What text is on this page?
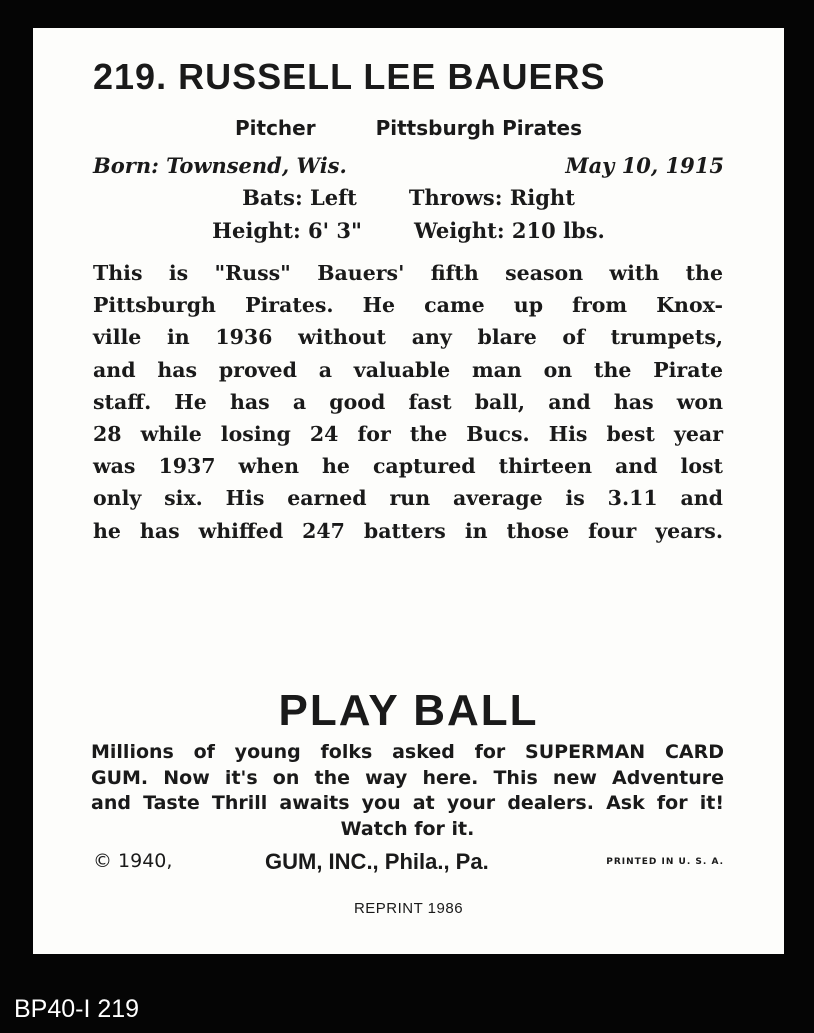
219. RUSSELL LEE BAUERS
Pitcher	Pittsburgh Pirates
Born: Townsend, Wis.	May 10, 1915
Bats: Left Throws: Right
Height: 6' 3" Weight: 210 lbs.
This is "Russ" Bauers' fifth season with the
Pittsburgh Pirates. He came up from Knox-
ville in 1936 without any blare of trumpets,
and has proved a valuable man on the Pirate
staff. He has a good fast ball, and has won
28 while losing 24 for the Bucs. His best year
was 1937 when he captured thirteen and lost
only six. His earned run average is 3.11 and
he has whiffed 247 batters in those four years.
PLAY BALL
Millions of young folks asked for SUPERMAN CARD
GUM. Now it's on the way here. This new Adventure
and Taste Thrill awaits you at your dealers. Ask for it!
Watch for it.
© 1940,	GUM, INC., Phila., Pa.	PRINTED IN U. S. A.
REPRINT 1986
BP40-I 219
